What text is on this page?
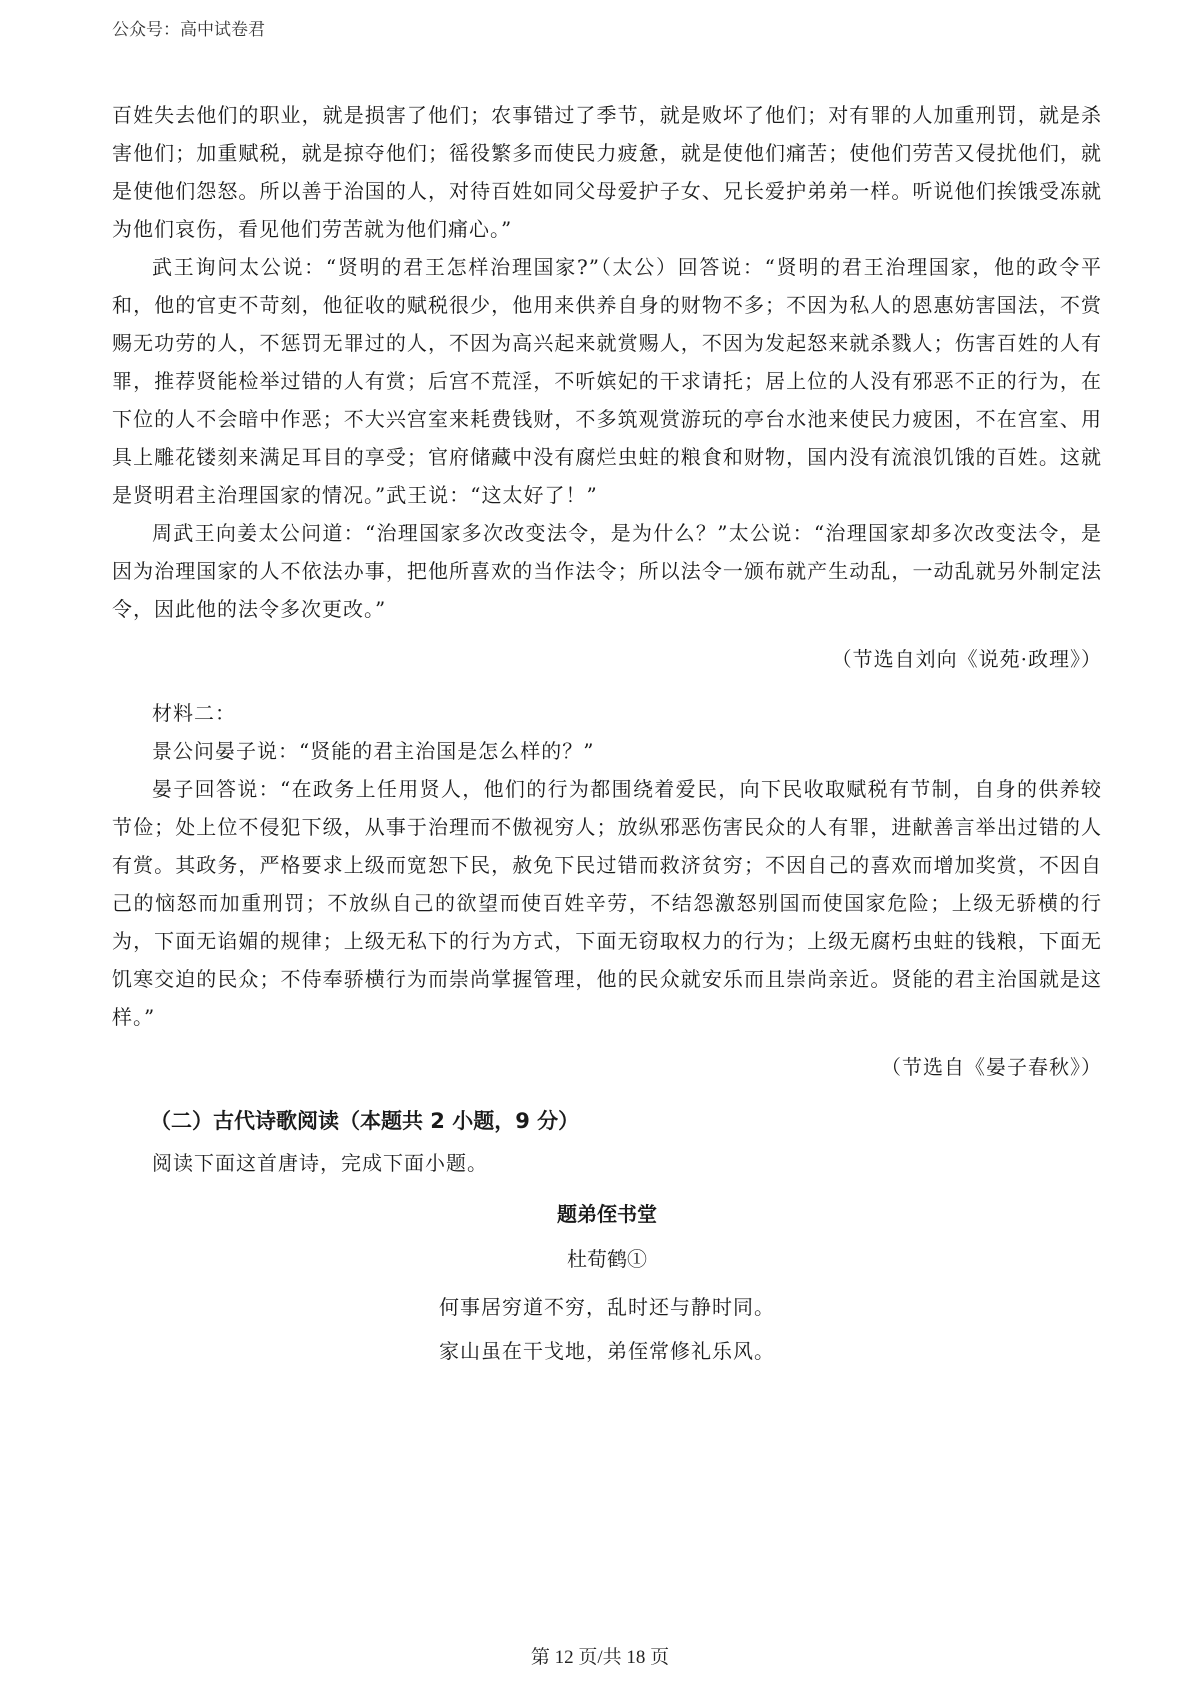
公众号：高中试卷君

百姓失去他们的职业，就是损害了他们；农事错过了季节，就是败坏了他们；对有罪的人加重刑罚，就是杀害他们；加重赋税，就是掠夺他们；徭役繁多而使民力疲惫，就是使他们痛苦；使他们劳苦又侵扰他们，就是使他们怨怒。所以善于治国的人，对待百姓如同父母爱护子女、兄长爱护弟弟一样。听说他们挨饿受冻就为他们哀伤，看见他们劳苦就为他们痛心。”

武王询问太公说：“贤明的君王怎样治理国家?”（太公）回答说：“贤明的君王治理国家，他的政令平和，他的官吏不苛刻，他征收的赋税很少，他用来供养自身的财物不多；不因为私人的恩惠妨害国法，不赏赐无功劳的人，不惩罚无罪过的人，不因为高兴起来就赏赐人，不因为发起怒来就杀戮人；伤害百姓的人有罪，推荐贤能检举过错的人有赏；后宫不荒淫，不听嫔妃的干求请托；居上位的人没有邪恶不正的行为，在下位的人不会暗中作恶；不大兴宫室来耗费钱财，不多筑观赏游玩的亭台水池来使民力疲困，不在宫室、用具上雕花镂刻来满足耳目的享受；官府储藏中没有腐烂虫蛀的粮食和财物，国内没有流浪饥饿的百姓。这就是贤明君主治理国家的情况。”武王说：“这太好了！”

周武王向姜太公问道：“治理国家多次改变法令，是为什么？”太公说：“治理国家却多次改变法令，是因为治理国家的人不依法办事，把他所喜欢的当作法令；所以法令一颁布就产生动乱，一动乱就另外制定法令，因此他的法令多次更改。”

（节选自刘向《说苑·政理》）

材料二：

景公问晏子说：“贤能的君主治国是怎么样的？”

晏子回答说：“在政务上任用贤人，他们的行为都围绕着爱民，向下民收取赋税有节制，自身的供养较节俭；处上位不侵犯下级，从事于治理而不傲视穷人；放纵邪恶伤害民众的人有罪，进献善言举出过错的人有赏。其政务，严格要求上级而宽恕下民，赦免下民过错而救济贫穷；不因自己的喜欢而增加奖赏，不因自己的恼怒而加重刑罚；不放纵自己的欲望而使百姓辛劳，不结怨激怒别国而使国家危险；上级无骄横的行为，下面无谄媚的规律；上级无私下的行为方式，下面无窃取权力的行为；上级无腐朽虫蛀的钱粮，下面无饥寒交迫的民众；不侍奉骄横行为而崇尚掌握管理，他的民众就安乐而且崇尚亲近。贤能的君主治国就是这样。”

（节选自《晏子春秋》）

（二）古代诗歌阅读（本题共 2 小题，9 分）

阅读下面这首唐诗，完成下面小题。

题弟侄书堂
杜荀鹤①
何事居穷道不穷，乱时还与静时同。
家山虽在干戈地，弟侄常修礼乐风。
第 12 页/共 18 页
